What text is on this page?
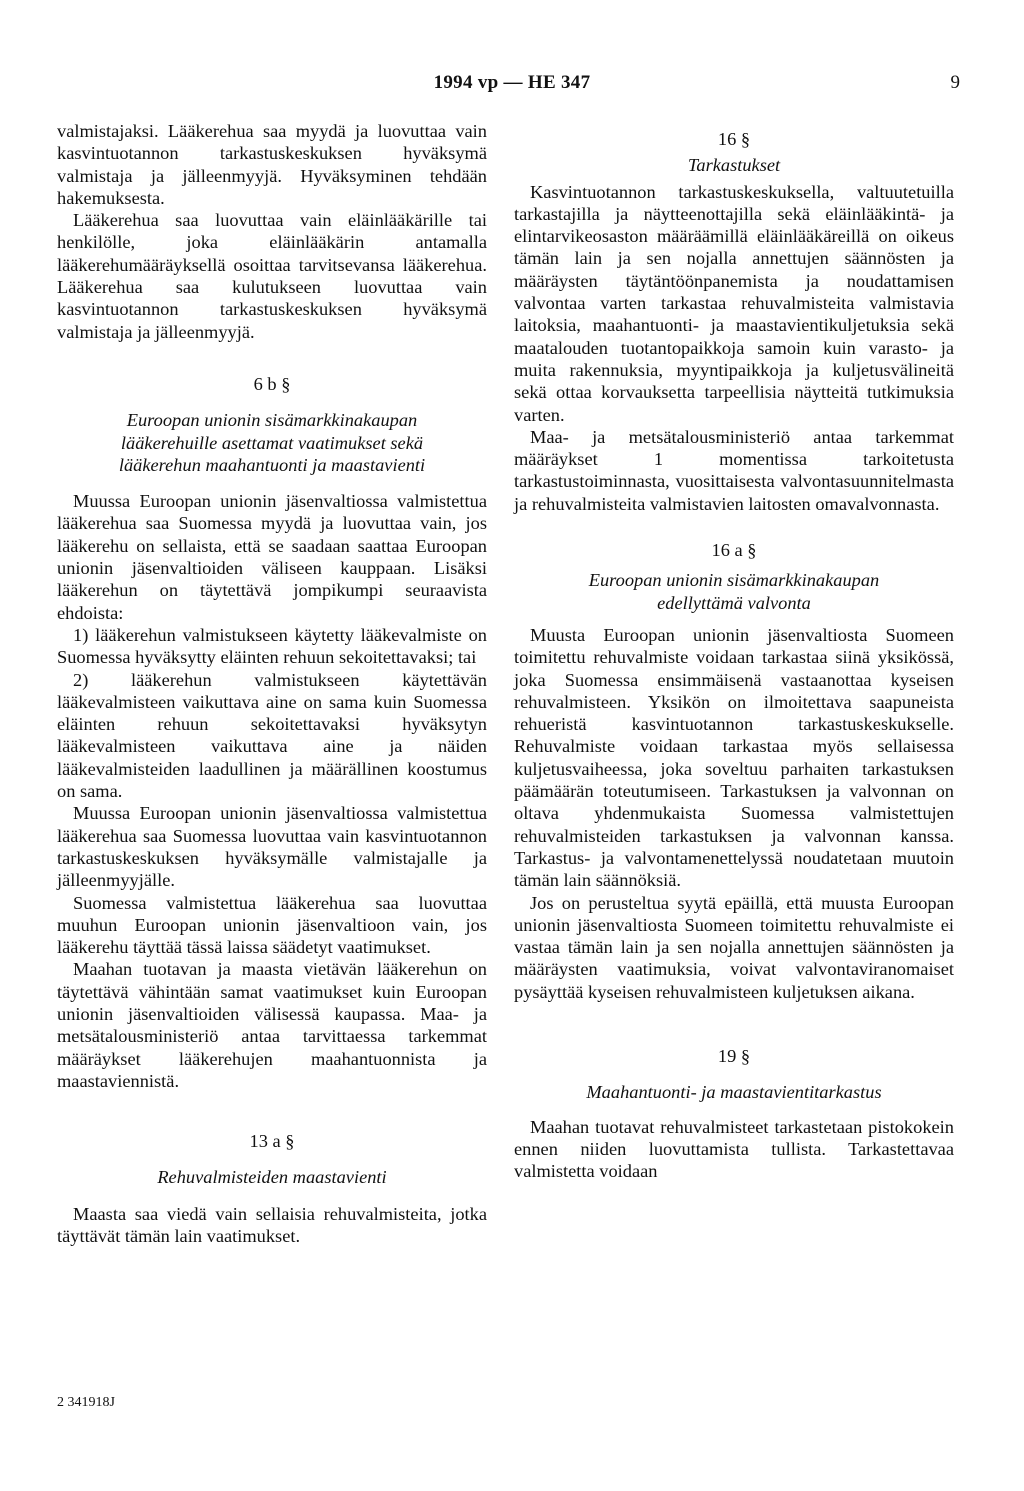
1994 vp — HE 347	9

valmistajaksi. Lääkerehua saa myydä ja luovuttaa vain kasvintuotannon tarkastuskeskuksen hyväksymä valmistaja ja jälleenmyyjä. Hyväksyminen tehdään hakemuksesta.

Lääkerehua saa luovuttaa vain eläinlääkärille tai henkilölle, joka eläinlääkärin antamalla lääkerehumääräyksellä osoittaa tarvitsevansa lääkerehua. Lääkerehua saa kulutukseen luovuttaa vain kasvintuotannon tarkastuskeskuksen hyväksymä valmistaja ja jälleenmyyjä.

6 b §

Euroopan unionin sisämarkkinakaupan

lääkerehuille asettamat vaatimukset sekä

lääkerehun maahantuonti ja maastavienti

Muussa Euroopan unionin jäsenvaltiossa valmistettua lääkerehua saa Suomessa myydä ja luovuttaa vain, jos lääkerehu on sellaista, että se saadaan saattaa Euroopan unionin jäsenvaltioiden väliseen kauppaan. Lisäksi lääkerehun on täytettävä jompikumpi seuraavista ehdoista:

1) lääkerehun valmistukseen käytetty lääkevalmiste on Suomessa hyväksytty eläinten rehuun sekoitettavaksi; tai

2) lääkerehun valmistukseen käytettävän lääkevalmisteen vaikuttava aine on sama kuin Suomessa eläinten rehuun sekoitettavaksi hyväksytyn lääkevalmisteen vaikuttava aine ja näiden lääkevalmisteiden laadullinen ja määrällinen koostumus on sama.

Muussa Euroopan unionin jäsenvaltiossa valmistettua lääkerehua saa Suomessa luovuttaa vain kasvintuotannon tarkastuskeskuksen hyväksymälle valmistajalle ja jälleenmyyjälle.

Suomessa valmistettua lääkerehua saa luovuttaa muuhun Euroopan unionin jäsenvaltioon vain, jos lääkerehu täyttää tässä laissa säädetyt vaatimukset.

Maahan tuotavan ja maasta vietävän lääkerehun on täytettävä vähintään samat vaatimukset kuin Euroopan unionin jäsenvaltioiden välisessä kaupassa. Maa- ja metsätalousministeriö antaa tarvittaessa tarkemmat määräykset lääkerehujen maahantuonnista ja maastaviennistä.

13 a §

Rehuvalmisteiden maastavienti

Maasta saa viedä vain sellaisia rehuvalmisteita, jotka täyttävät tämän lain vaatimukset.

16 §

Tarkastukset

Kasvintuotannon tarkastuskeskuksella, valtuutetuilla tarkastajilla ja näytteenottajilla sekä eläinlääkintä- ja elintarvikeosaston määräämillä eläinlääkäreillä on oikeus tämän lain ja sen nojalla annettujen säännösten ja määräysten täytäntöönpanemista ja noudattamisen valvontaa varten tarkastaa rehuvalmisteita valmistavia laitoksia, maahantuonti- ja maastavientikuljetuksia sekä maatalouden tuotantopaikkoja samoin kuin varasto- ja muita rakennuksia, myyntipaikkoja ja kuljetusvälineitä sekä ottaa korvauksetta tarpeellisia näytteitä tutkimuksia varten.

Maa- ja metsätalousministeriö antaa tarkemmat määräykset 1 momentissa tarkoitetusta tarkastustoiminnasta, vuosittaisesta valvontasuunnitelmasta ja rehuvalmisteita valmistavien laitosten omavalvonnasta.

16 a §

Euroopan unionin sisämarkkinakaupan

edellyttämä valvonta

Muusta Euroopan unionin jäsenvaltiosta Suomeen toimitettu rehuvalmiste voidaan tarkastaa siinä yksikössä, joka Suomessa ensimmäisenä vastaanottaa kyseisen rehuvalmisteen. Yksikön on ilmoitettava saapuneista rehueristä kasvintuotannon tarkastuskeskukselle. Rehuvalmiste voidaan tarkastaa myös sellaisessa kuljetusvaiheessa, joka soveltuu parhaiten tarkastuksen päämäärän toteutumiseen. Tarkastuksen ja valvonnan on oltava yhdenmukaista Suomessa valmistettujen rehuvalmisteiden tarkastuksen ja valvonnan kanssa. Tarkastus- ja valvontamenettelyssä noudatetaan muutoin tämän lain säännöksiä.

Jos on perusteltua syytä epäillä, että muusta Euroopan unionin jäsenvaltiosta Suomeen toimitettu rehuvalmiste ei vastaa tämän lain ja sen nojalla annettujen säännösten ja määräysten vaatimuksia, voivat valvontaviranomaiset pysäyttää kyseisen rehuvalmisteen kuljetuksen aikana.

19 §

Maahantuonti- ja maastavientitarkastus

Maahan tuotavat rehuvalmisteet tarkastetaan pistokokein ennen niiden luovuttamista tullista. Tarkastettavaa valmistetta voidaan

2 341918J
